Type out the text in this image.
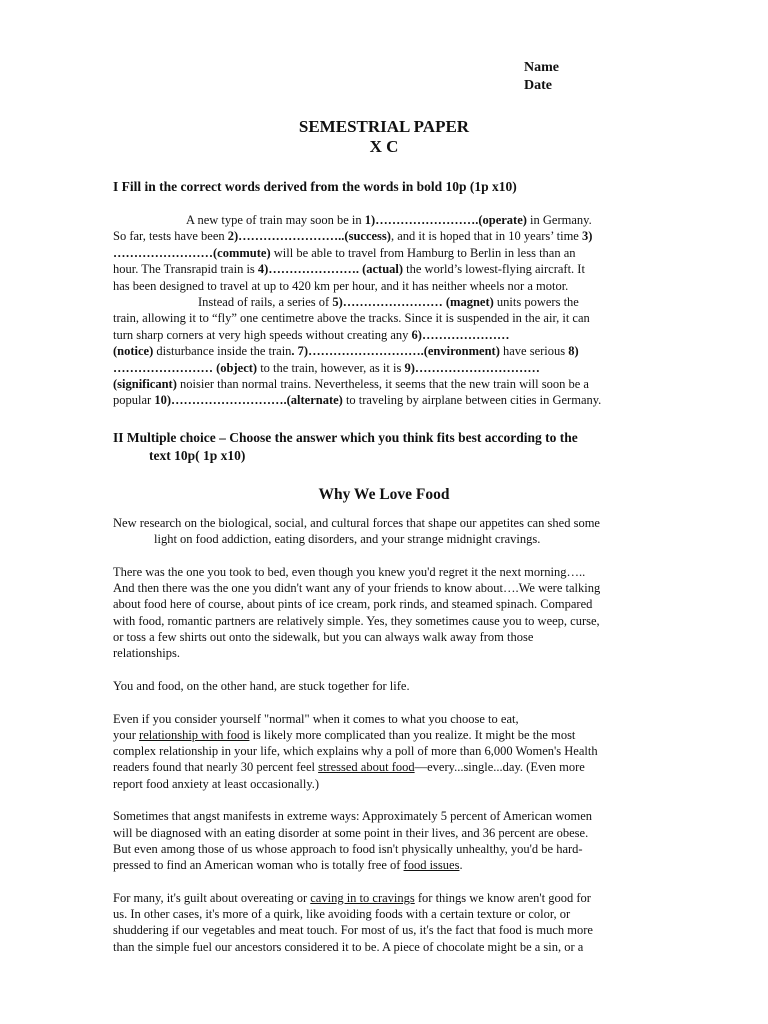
Name
Date
SEMESTRIAL PAPER
X C
I Fill in the correct words derived from the words in bold 10p (1p x10)
A new type of train may soon be in 1)…………………….(operate) in Germany.
So far, tests have been 2)……………………..(success), and it is hoped that in 10 years’ time 3)
……………………(commute) will be able to travel from Hamburg to Berlin in less than an
hour. The Transrapid train is 4)…………………. (actual) the world’s lowest-flying aircraft. It
has been designed to travel at up to 420 km per hour, and it has neither wheels nor a motor.
Instead of rails, a series of 5)…………………… (magnet) units powers the
train, allowing it to “fly” one centimetre above the tracks. Since it is suspended in the air, it can
turn sharp corners at very high speeds without creating any 6)…………………
(notice) disturbance inside the train. 7)……………………….(environment) have serious 8)
…………………… (object) to the train, however, as it is 9)…………………………
(significant) noisier than normal trains. Nevertheless, it seems that the new train will soon be a
popular 10)……………………….(alternate) to traveling by airplane between cities in Germany.
II Multiple choice – Choose the answer which you think fits best according to the
text 10p( 1p x10)
Why We Love Food

New research on the biological, social, and cultural forces that shape our appetites can shed some
light on food addiction, eating disorders, and your strange midnight cravings.

There was the one you took to bed, even though you knew you'd regret it the next morning…..
And then there was the one you didn't want any of your friends to know about….We were talking
about food here of course, about pints of ice cream, pork rinds, and steamed spinach. Compared
with food, romantic partners are relatively simple. Yes, they sometimes cause you to weep, curse,
or toss a few shirts out onto the sidewalk, but you can always walk away from those
relationships.

You and food, on the other hand, are stuck together for life.

Even if you consider yourself "normal" when it comes to what you choose to eat,
your relationship with food is likely more complicated than you realize. It might be the most
complex relationship in your life, which explains why a poll of more than 6,000 Women's Health
readers found that nearly 30 percent feel stressed about food—every...single...day. (Even more
report food anxiety at least occasionally.)

Sometimes that angst manifests in extreme ways: Approximately 5 percent of American women
will be diagnosed with an eating disorder at some point in their lives, and 36 percent are obese.
But even among those of us whose approach to food isn't physically unhealthy, you'd be hard-
pressed to find an American woman who is totally free of food issues.

For many, it's guilt about overeating or caving in to cravings for things we know aren't good for
us. In other cases, it's more of a quirk, like avoiding foods with a certain texture or color, or
shuddering if our vegetables and meat touch. For most of us, it's the fact that food is much more
than the simple fuel our ancestors considered it to be. A piece of chocolate might be a sin, or a
